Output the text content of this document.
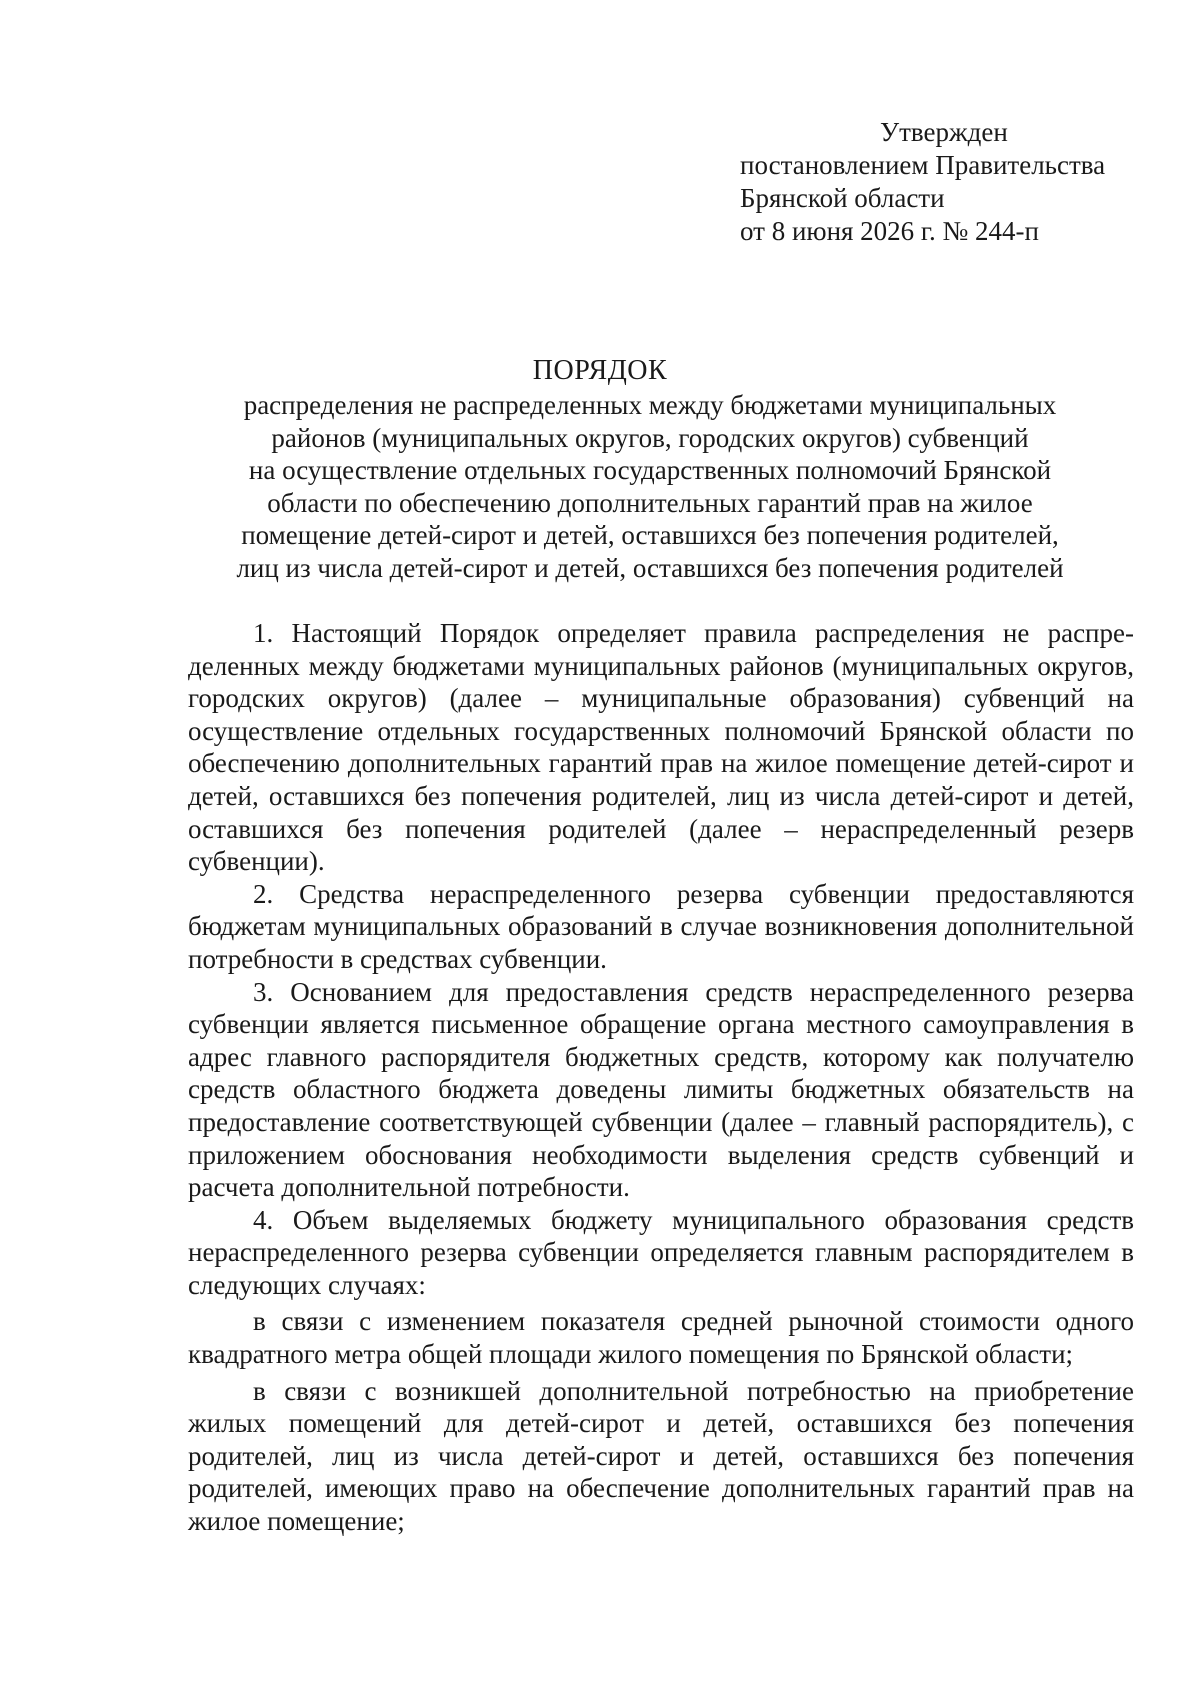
Утвержден
постановлением Правительства
Брянской области
от 8 июня 2026 г. № 244-п
ПОРЯДОК
распределения не распределенных между бюджетами муниципальных
районов (муниципальных округов, городских округов) субвенций
на осуществление отдельных государственных полномочий Брянской
области по обеспечению дополнительных гарантий прав на жилое
помещение детей-сирот и детей, оставшихся без попечения родителей,
лиц из числа детей-сирот и детей, оставшихся без попечения родителей

1. Настоящий Порядок определяет правила распределения не распределенных между бюджетами муниципальных районов (муниципальных округов, городских округов) (далее – муниципальные образования) субвенций на осуществление отдельных государственных полномочий Брянской области по обеспечению дополнительных гарантий прав на жилое помещение детей-сирот и детей, оставшихся без попечения родителей, лиц из числа детей-сирот и детей, оставшихся без попечения родителей (далее – нераспределенный резерв субвенции).

2. Средства нераспределенного резерва субвенции предоставляются бюджетам муниципальных образований в случае возникновения дополнительной потребности в средствах субвенции.

3. Основанием для предоставления средств нераспределенного резерва субвенции является письменное обращение органа местного самоуправления в адрес главного распорядителя бюджетных средств, которому как получателю средств областного бюджета доведены лимиты бюджетных обязательств на предоставление соответствующей субвенции (далее – главный распорядитель), с приложением обоснования необходимости выделения средств субвенций и расчета дополнительной потребности.

4. Объем выделяемых бюджету муниципального образования средств нераспределенного резерва субвенции определяется главным распорядителем в следующих случаях:

в связи с изменением показателя средней рыночной стоимости одного квадратного метра общей площади жилого помещения по Брянской области;

в связи с возникшей дополнительной потребностью на приобретение жилых помещений для детей-сирот и детей, оставшихся без попечения родителей, лиц из числа детей-сирот и детей, оставшихся без попечения родителей, имеющих право на обеспечение дополнительных гарантий прав на жилое помещение;
